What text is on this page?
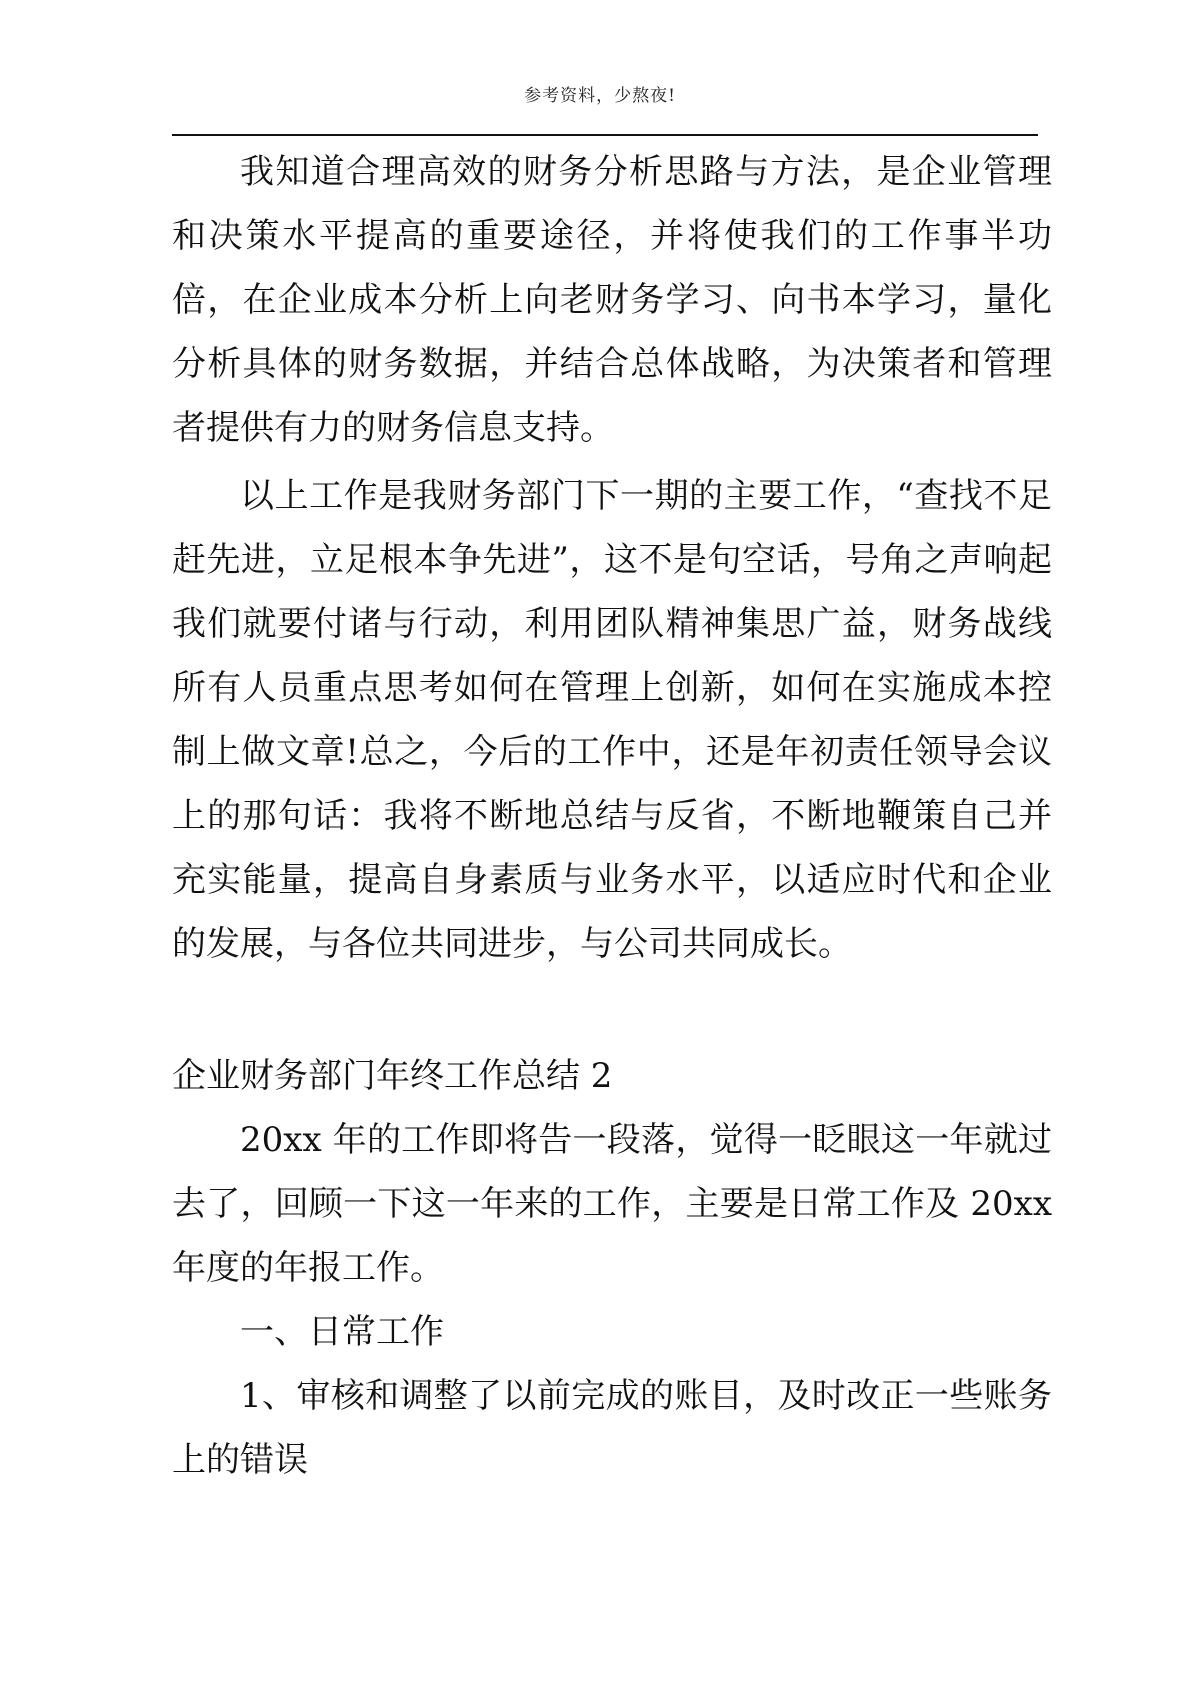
参考资料，少熬夜!

我知道合理高效的财务分析思路与方法，是企业管理和决策水平提高的重要途径，并将使我们的工作事半功倍，在企业成本分析上向老财务学习、向书本学习，量化分析具体的财务数据，并结合总体战略，为决策者和管理者提供有力的财务信息支持。

以上工作是我财务部门下一期的主要工作，“查找不足赶先进，立足根本争先进”，这不是句空话，号角之声响起我们就要付诸与行动，利用团队精神集思广益，财务战线所有人员重点思考如何在管理上创新，如何在实施成本控制上做文章!总之，今后的工作中，还是年初责任领导会议上的那句话：我将不断地总结与反省，不断地鞭策自己并充实能量，提高自身素质与业务水平，以适应时代和企业的发展，与各位共同进步，与公司共同成长。

企业财务部门年终工作总结 2

20xx 年的工作即将告一段落，觉得一眨眼这一年就过去了，回顾一下这一年来的工作，主要是日常工作及 20xx 年度的年报工作。

一、日常工作

1、审核和调整了以前完成的账目，及时改正一些账务上的错误
